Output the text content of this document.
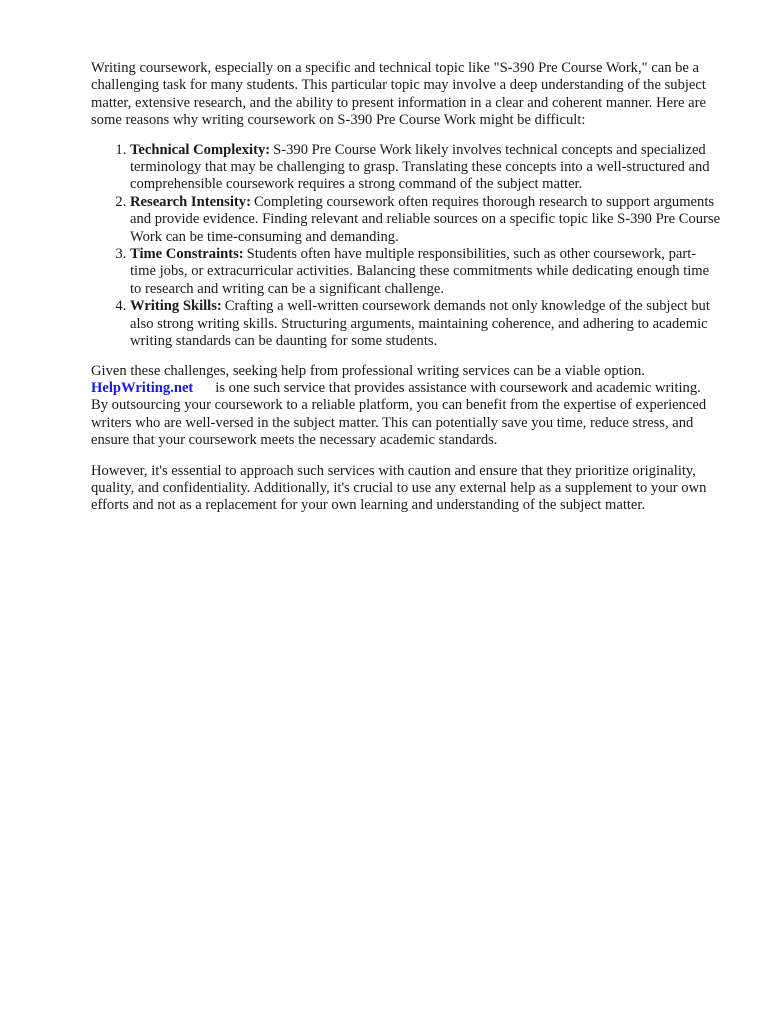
Writing coursework, especially on a specific and technical topic like "S-390 Pre Course Work," can be a challenging task for many students. This particular topic may involve a deep understanding of the subject matter, extensive research, and the ability to present information in a clear and coherent manner. Here are some reasons why writing coursework on S-390 Pre Course Work might be difficult:

1. Technical Complexity: S-390 Pre Course Work likely involves technical concepts and specialized terminology that may be challenging to grasp. Translating these concepts into a well-structured and comprehensible coursework requires a strong command of the subject matter.
2. Research Intensity: Completing coursework often requires thorough research to support arguments and provide evidence. Finding relevant and reliable sources on a specific topic like S-390 Pre Course Work can be time-consuming and demanding.
3. Time Constraints: Students often have multiple responsibilities, such as other coursework, part-time jobs, or extracurricular activities. Balancing these commitments while dedicating enough time to research and writing can be a significant challenge.
4. Writing Skills: Crafting a well-written coursework demands not only knowledge of the subject but also strong writing skills. Structuring arguments, maintaining coherence, and adhering to academic writing standards can be daunting for some students.

Given these challenges, seeking help from professional writing services can be a viable option.
HelpWriting.net is one such service that provides assistance with coursework and academic writing. By outsourcing your coursework to a reliable platform, you can benefit from the expertise of experienced writers who are well-versed in the subject matter. This can potentially save you time, reduce stress, and ensure that your coursework meets the necessary academic standards.

However, it's essential to approach such services with caution and ensure that they prioritize originality, quality, and confidentiality. Additionally, it's crucial to use any external help as a supplement to your own efforts and not as a replacement for your own learning and understanding of the subject matter.
